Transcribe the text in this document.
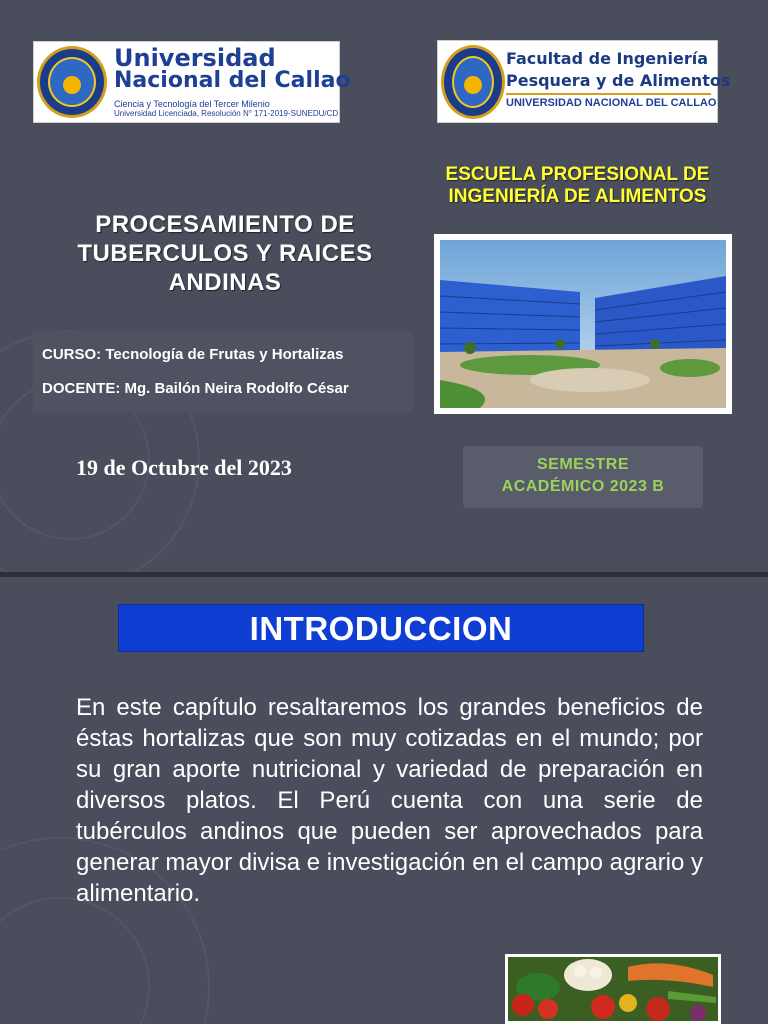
Universidad
Nacional del Callao
Ciencia y Tecnología del Tercer Milenio
Universidad Licenciada, Resolución N° 171-2019-SUNEDU/CD
Facultad de Ingeniería
Pesquera y de Alimentos
UNIVERSIDAD NACIONAL DEL CALLAO
ESCUELA PROFESIONAL DE
INGENIERÍA DE ALIMENTOS
PROCESAMIENTO DE
TUBERCULOS Y RAICES
ANDINAS
CURSO: Tecnología de Frutas y Hortalizas
DOCENTE: Mg. Bailón Neira Rodolfo César
19 de Octubre del 2023	SEMESTRE
ACADÉMICO 2023 B
INTRODUCCION
En este capítulo resaltaremos los grandes beneficios de éstas hortalizas que son muy cotizadas en el mundo; por su gran aporte nutricional y variedad de preparación en diversos platos. El Perú cuenta con una serie de tubérculos andinos que pueden ser aprovechados para generar mayor divisa e investigación en el campo agrario y alimentario.
